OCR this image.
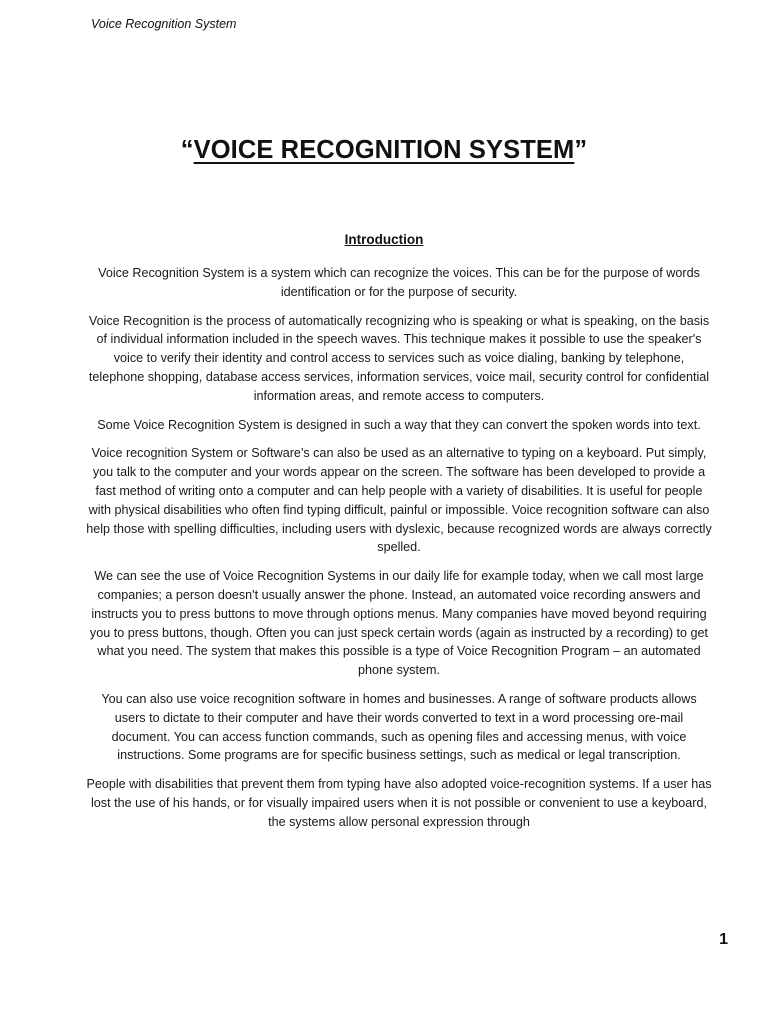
Voice Recognition System
“VOICE RECOGNITION SYSTEM”
Introduction

Voice Recognition System is a system which can recognize the voices. This can be for the purpose of words identification or for the purpose of security.

Voice Recognition is the process of automatically recognizing who is speaking or what is speaking, on the basis of individual information included in the speech waves. This technique makes it possible to use the speaker's voice to verify their identity and control access to services such as voice dialing, banking by telephone, telephone shopping, database access services, information services, voice mail, security control for confidential information areas, and remote access to computers.

Some Voice Recognition System is designed in such a way that they can convert the spoken words into text.

Voice recognition System or Software's can also be used as an alternative to typing on a keyboard. Put simply, you talk to the computer and your words appear on the screen. The software has been developed to provide a fast method of writing onto a computer and can help people with a variety of disabilities. It is useful for people with physical disabilities who often find typing difficult, painful or impossible. Voice recognition software can also help those with spelling difficulties, including users with dyslexic, because recognized words are always correctly spelled.

We can see the use of Voice Recognition Systems in our daily life for example today, when we call most large companies; a person doesn't usually answer the phone. Instead, an automated voice recording answers and instructs you to press buttons to move through options menus. Many companies have moved beyond requiring you to press buttons, though. Often you can just speck certain words (again as instructed by a recording) to get what you need. The system that makes this possible is a type of Voice Recognition Program – an automated phone system.

You can also use voice recognition software in homes and businesses. A range of software products allows users to dictate to their computer and have their words converted to text in a word processing ore-mail document. You can access function commands, such as opening files and accessing menus, with voice instructions. Some programs are for specific business settings, such as medical or legal transcription.

People with disabilities that prevent them from typing have also adopted voice-recognition systems. If a user has lost the use of his hands, or for visually impaired users when it is not possible or convenient to use a keyboard, the systems allow personal expression through

1
